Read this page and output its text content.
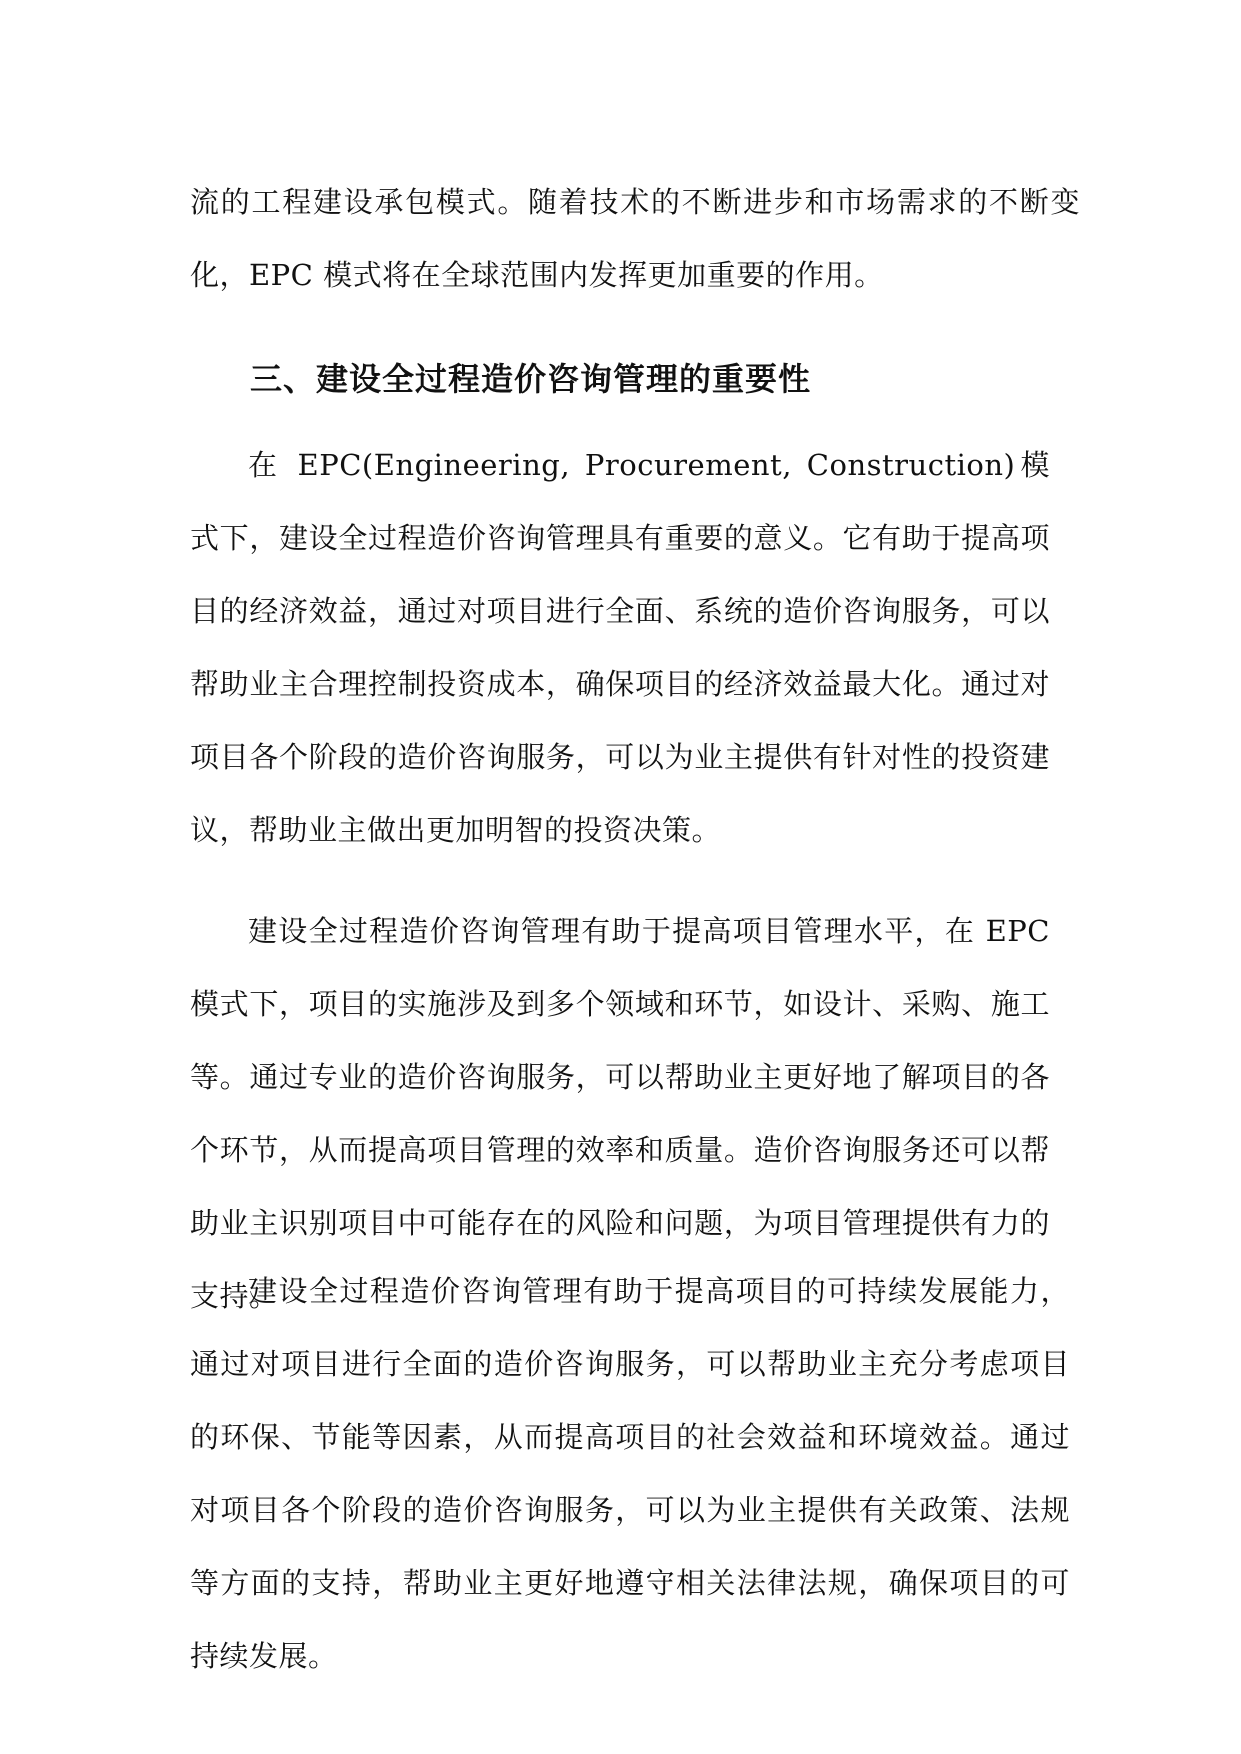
流的工程建设承包模式。随着技术的不断进步和市场需求的不断变化，EPC 模式将在全球范围内发挥更加重要的作用。

三、建设全过程造价咨询管理的重要性

在 EPC(Engineering, Procurement, Construction)模式下，建设全过程造价咨询管理具有重要的意义。它有助于提高项目的经济效益，通过对项目进行全面、系统的造价咨询服务，可以帮助业主合理控制投资成本，确保项目的经济效益最大化。通过对项目各个阶段的造价咨询服务，可以为业主提供有针对性的投资建议，帮助业主做出更加明智的投资决策。

建设全过程造价咨询管理有助于提高项目管理水平，在 EPC 模式下，项目的实施涉及到多个领域和环节，如设计、采购、施工等。通过专业的造价咨询服务，可以帮助业主更好地了解项目的各个环节，从而提高项目管理的效率和质量。造价咨询服务还可以帮助业主识别项目中可能存在的风险和问题，为项目管理提供有力的支持。

建设全过程造价咨询管理有助于提高项目的可持续发展能力，通过对项目进行全面的造价咨询服务，可以帮助业主充分考虑项目的环保、节能等因素，从而提高项目的社会效益和环境效益。通过对项目各个阶段的造价咨询服务，可以为业主提供有关政策、法规等方面的支持，帮助业主更好地遵守相关法律法规，确保项目的可持续发展。
